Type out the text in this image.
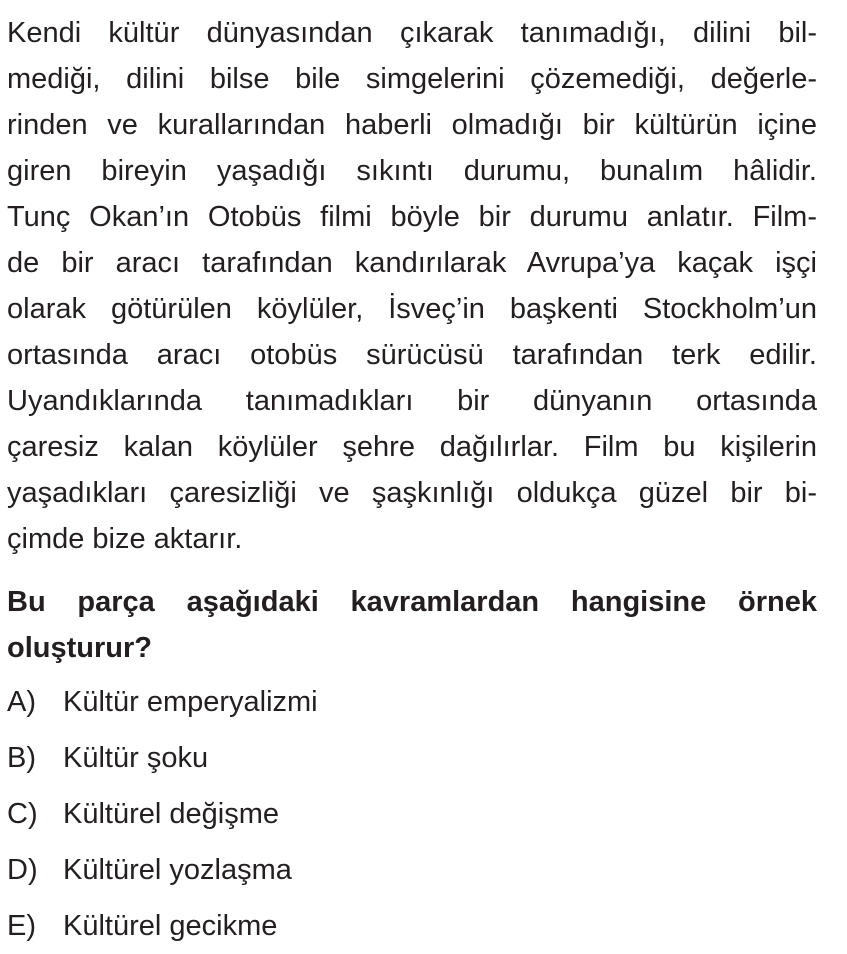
Kendi kültür dünyasından çıkarak tanımadığı, dilini bil-
mediği, dilini bilse bile simgelerini çözemediği, değerle-
rinden ve kurallarından haberli olmadığı bir kültürün içine
giren bireyin yaşadığı sıkıntı durumu, bunalım hâlidir.
Tunç Okan’ın Otobüs filmi böyle bir durumu anlatır. Film-
de bir aracı tarafından kandırılarak Avrupa’ya kaçak işçi
olarak götürülen köylüler, İsveç’in başkenti Stockholm’un
ortasında aracı otobüs sürücüsü tarafından terk edilir.
Uyandıklarında tanımadıkları bir dünyanın ortasında
çaresiz kalan köylüler şehre dağılırlar. Film bu kişilerin
yaşadıkları çaresizliği ve şaşkınlığı oldukça güzel bir bi-
çimde bize aktarır.

Bu parça aşağıdaki kavramlardan hangisine örnek
oluşturur?

A) Kültür emperyalizmi
B) Kültür şoku
C) Kültürel değişme
D) Kültürel yozlaşma
E) Kültürel gecikme
